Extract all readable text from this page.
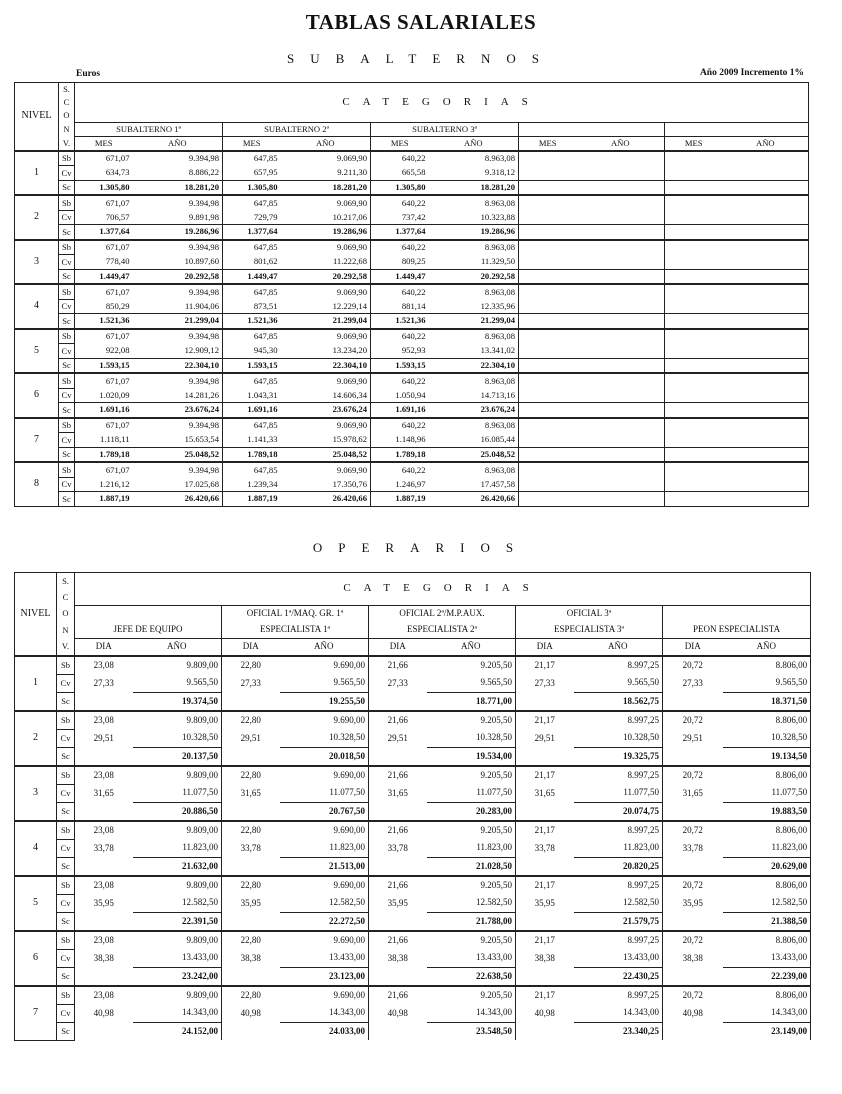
TABLAS SALARIALES
SUBALTERNOS
Euros	Año 2009 Incremento 1%
NIVEL	S.	CATEGORIAS									
	C										
	O										
	N	SUBALTERNO 1ª		SUBALTERNO 2ª		SUBALTERNO 3ª					
	V.	MES	AÑO	MES	AÑO	MES	AÑO	MES	AÑO	MES	AÑO
1	Sb	671,07	9.394,98	647,85	9.069,90	640,22	8.963,08				
	Cv	634,73	8.886,22	657,95	9.211,30	665,58	9.318,12				
	Sc	1.305,80	18.281,20	1.305,80	18.281,20	1.305,80	18.281,20				
2	Sb	671,07	9.394,98	647,85	9.069,90	640,22	8.963,08				
	Cv	706,57	9.891,98	729,79	10.217,06	737,42	10.323,88				
	Sc	1.377,64	19.286,96	1.377,64	19.286,96	1.377,64	19.286,96				
3	Sb	671,07	9.394,98	647,85	9.069,90	640,22	8.963,08				
	Cv	778,40	10.897,60	801,62	11.222,68	809,25	11.329,50				
	Sc	1.449,47	20.292,58	1.449,47	20.292,58	1.449,47	20.292,58				
4	Sb	671,07	9.394,98	647,85	9.069,90	640,22	8.963,08				
	Cv	850,29	11.904,06	873,51	12.229,14	881,14	12.335,96				
	Sc	1.521,36	21.299,04	1.521,36	21.299,04	1.521,36	21.299,04				
5	Sb	671,07	9.394,98	647,85	9.069,90	640,22	8.963,08				
	Cv	922,08	12.909,12	945,30	13.234,20	952,93	13.341,02				
	Sc	1.593,15	22.304,10	1.593,15	22.304,10	1.593,15	22.304,10				
6	Sb	671,07	9.394,98	647,85	9.069,90	640,22	8.963,08				
	Cv	1.020,09	14.281,26	1.043,31	14.606,34	1.050,94	14.713,16				
	Sc	1.691,16	23.676,24	1.691,16	23.676,24	1.691,16	23.676,24				
7	Sb	671,07	9.394,98	647,85	9.069,90	640,22	8.963,08				
	Cv	1.118,11	15.653,54	1.141,33	15.978,62	1.148,96	16.085,44				
	Sc	1.789,18	25.048,52	1.789,18	25.048,52	1.789,18	25.048,52				
8	Sb	671,07	9.394,98	647,85	9.069,90	640,22	8.963,08				
	Cv	1.216,12	17.025,68	1.239,34	17.350,76	1.246,97	17.457,58				
	Sc	1.887,19	26.420,66	1.887,19	26.420,66	1.887,19	26.420,66				
OPERARIOS
NIVEL	S.	CATEGORIAS									
	C										
	O			OFICIAL 1ª/MAQ. GR. 1ª		OFICIAL 2ª/M.P.AUX.		OFICIAL 3ª			
	N	JEFE DE EQUIPO		ESPECIALISTA 1ª		ESPECIALISTA 2ª		ESPECIALISTA 3ª		PEON ESPECIALISTA	
	V.	DIA	AÑO	DIA	AÑO	DIA	AÑO	DIA	AÑO	DIA	AÑO
1	Sb	23,08	9.809,00	22,80	9.690,00	21,66	9.205,50	21,17	8.997,25	20,72	8.806,00
	Cv	27,33	9.565,50	27,33	9.565,50	27,33	9.565,50	27,33	9.565,50	27,33	9.565,50
	Sc		19.374,50		19.255,50		18.771,00		18.562,75		18.371,50
2	Sb	23,08	9.809,00	22,80	9.690,00	21,66	9.205,50	21,17	8.997,25	20,72	8.806,00
	Cv	29,51	10.328,50	29,51	10.328,50	29,51	10.328,50	29,51	10.328,50	29,51	10.328,50
	Sc		20.137,50		20.018,50		19.534,00		19.325,75		19.134,50
3	Sb	23,08	9.809,00	22,80	9.690,00	21,66	9.205,50	21,17	8.997,25	20,72	8.806,00
	Cv	31,65	11.077,50	31,65	11.077,50	31,65	11.077,50	31,65	11.077,50	31,65	11.077,50
	Sc		20.886,50		20.767,50		20.283,00		20.074,75		19.883,50
4	Sb	23,08	9.809,00	22,80	9.690,00	21,66	9.205,50	21,17	8.997,25	20,72	8.806,00
	Cv	33,78	11.823,00	33,78	11.823,00	33,78	11.823,00	33,78	11.823,00	33,78	11.823,00
	Sc		21.632,00		21.513,00		21.028,50		20.820,25		20.629,00
5	Sb	23,08	9.809,00	22,80	9.690,00	21,66	9.205,50	21,17	8.997,25	20,72	8.806,00
	Cv	35,95	12.582,50	35,95	12.582,50	35,95	12.582,50	35,95	12.582,50	35,95	12.582,50
	Sc		22.391,50		22.272,50		21.788,00		21.579,75		21.388,50
6	Sb	23,08	9.809,00	22,80	9.690,00	21,66	9.205,50	21,17	8.997,25	20,72	8.806,00
	Cv	38,38	13.433,00	38,38	13.433,00	38,38	13.433,00	38,38	13.433,00	38,38	13.433,00
	Sc		23.242,00		23.123,00		22.638,50		22.430,25		22.239,00
7	Sb	23,08	9.809,00	22,80	9.690,00	21,66	9.205,50	21,17	8.997,25	20,72	8.806,00
	Cv	40,98	14.343,00	40,98	14.343,00	40,98	14.343,00	40,98	14.343,00	40,98	14.343,00
	Sc		24.152,00		24.033,00		23.548,50		23.340,25		23.149,00
